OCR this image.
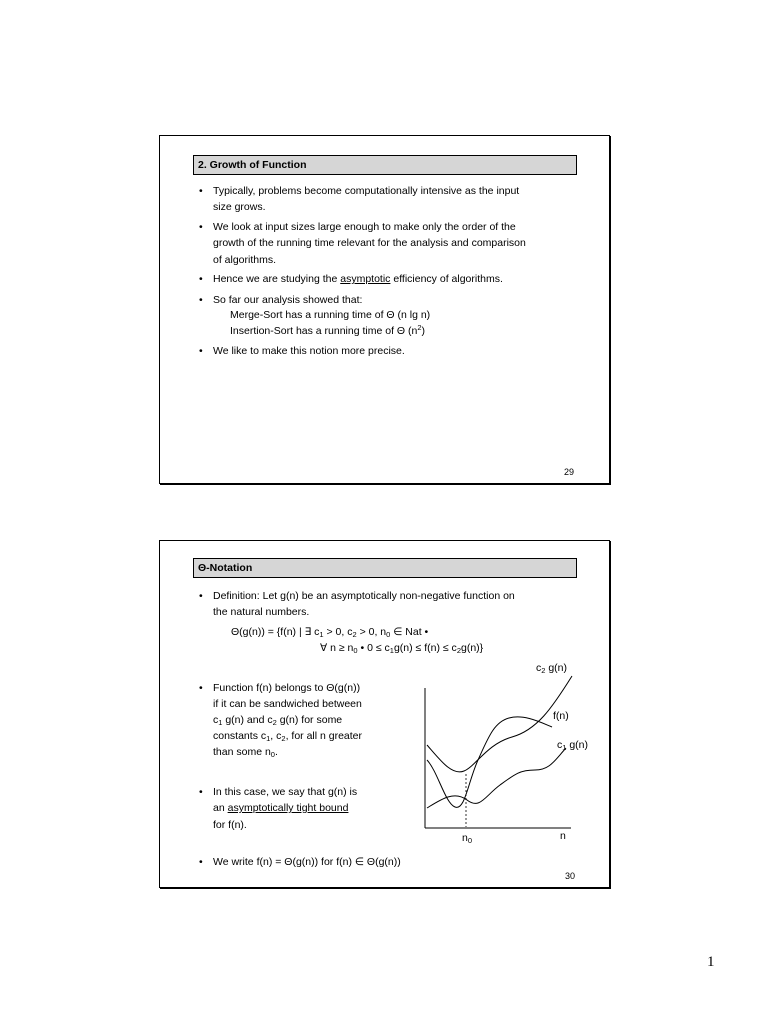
2. Growth of Function
•
Typically, problems become computationally intensive as the input
size grows.
•
We look at input sizes large enough to make only the order of the
growth of the running time relevant for the analysis and comparison
of algorithms.
•
Hence we are studying the asymptotic efficiency of algorithms.
•
So far our analysis showed that:
Merge-Sort has a running time of Θ (n lg n)
Insertion-Sort has a running time of Θ $(n^2)$
•
We like to make this notion more precise.
29
Θ-Notation
•
Definition: Let g(n) be an asymptotically non-negative function on
the natural numbers.
Θ(g(n)) = {f(n) | ∃ $c_1 > 0$, $c_2 > 0$, $n_0$ ∈ Nat •
∀ $n \ge n_0$ • $0 \le c_1g(n) \le f(n) \le c_2g(n)$}
•
Function f(n) belongs to Θ(g(n))
if it can be sandwiched between
$c_1$ g(n) and $c_2$ g(n) for some
constants $c_1$, $c_2$, for all n greater
than some $n_0$.
•
In this case, we say that g(n) is
an asymptotically tight bound
for f(n).
•
We write f(n) = Θ(g(n)) for f(n) ∈ Θ(g(n))
$c_2$ g(n)
f(n)
$c_1$ g(n)
$n_0$	n
30
1
